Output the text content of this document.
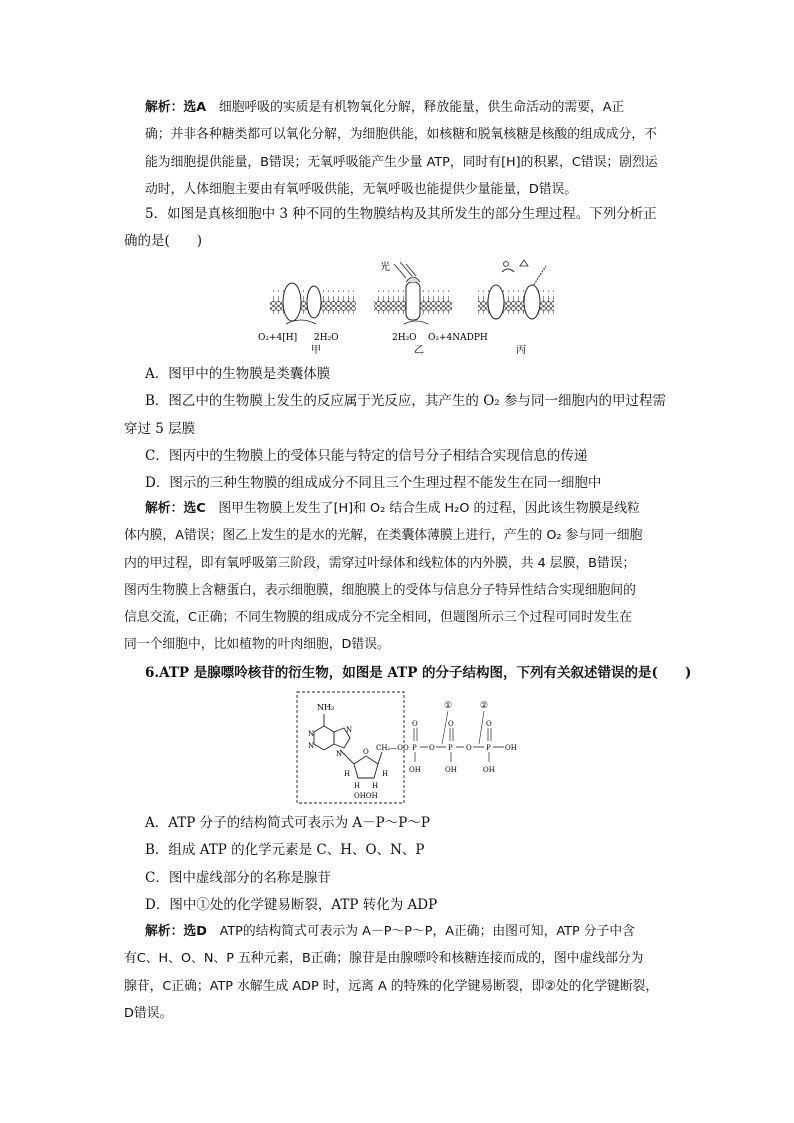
解析：选A　 细胞呼吸的实质是有机物氧化分解，释放能量，供生命活动的需要，A正
确；并非各种糖类都可以氧化分解，为细胞供能，如核糖和脱氧核糖是核酸的组成成分，不
能为细胞提供能量，B错误；无氧呼吸能产生少量 ATP，同时有[H]的积累，C错误；剧烈运
动时，人体细胞主要由有氧呼吸供能，无氧呼吸也能提供少量能量，D错误。
5．如图是真核细胞中 3 种不同的生物膜结构及其所发生的部分生理过程。下列分析正
确的是(　　)
光
O₂+4[H] 2H₂O
甲
2H₂O O₂+4NADPH
乙	丙
A．图甲中的生物膜是类囊体膜
B．图乙中的生物膜上发生的反应属于光反应，其产生的 O₂ 参与同一细胞内的甲过程需
穿过 5 层膜
C．图丙中的生物膜上的受体只能与特定的信号分子相结合实现信息的传递
D．图示的三种生物膜的组成成分不同且三个生理过程不能发生在同一细胞中
解析：选C　 图甲生物膜上发生了[H]和 O₂ 结合生成 H₂O 的过程，因此该生物膜是线粒
体内膜，A错误；图乙上发生的是水的光解，在类囊体薄膜上进行，产生的 O₂ 参与同一细胞
内的甲过程，即有氧呼吸第三阶段，需穿过叶绿体和线粒体的内外膜，共 4 层膜，B错误；
图丙生物膜上含糖蛋白，表示细胞膜，细胞膜上的受体与信息分子特异性结合实现细胞间的
信息交流，C正确；不同生物膜的组成成分不完全相同，但题图所示三个过程可同时发生在
同一个细胞中，比如植物的叶肉细胞，D错误。
6.ATP 是腺嘌呤核苷的衍生物，如图是 ATP 的分子结构图，下列有关叙述错误的是(　　)
NH₂
N
N
N
N	O
H
H H
H
OHOH
CH₂—O P	P	P
O	O	O	OH
O	O	O
OH	OH	OH
①	②
A．ATP 分子的结构简式可表示为 A－P～P～P
B．组成 ATP 的化学元素是 C、H、O、N、P
C．图中虚线部分的名称是腺苷
D．图中①处的化学键易断裂，ATP 转化为 ADP
解析：选D　 ATP的结构简式可表示为 A－P～P～P，A正确；由图可知，ATP 分子中含
有C、H、O、N、P 五种元素，B正确；腺苷是由腺嘌呤和核糖连接而成的，图中虚线部分为
腺苷，C正确；ATP 水解生成 ADP 时，远离 A 的特殊的化学键易断裂，即②处的化学键断裂，
D错误。
